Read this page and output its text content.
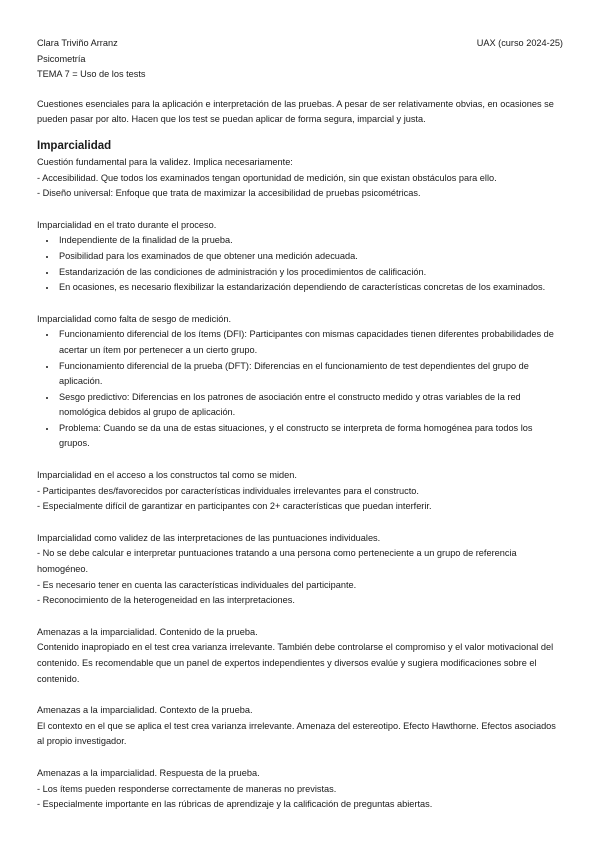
Clara Triviño Arranz	UAX (curso 2024-25)

Psicometría

TEMA 7 = Uso de los tests

Cuestiones esenciales para la aplicación e interpretación de las pruebas. A pesar de ser relativamente obvias, en ocasiones se pueden pasar por alto. Hacen que los test se puedan aplicar de forma segura, imparcial y justa.

Imparcialidad

Cuestión fundamental para la validez. Implica necesariamente:

- Accesibilidad. Que todos los examinados tengan oportunidad de medición, sin que existan obstáculos para ello.

- Diseño universal: Enfoque que trata de maximizar la accesibilidad de pruebas psicométricas.

Imparcialidad en el trato durante el proceso.

• Independiente de la finalidad de la prueba.
• Posibilidad para los examinados de que obtener una medición adecuada.
• Estandarización de las condiciones de administración y los procedimientos de calificación.
• En ocasiones, es necesario flexibilizar la estandarización dependiendo de características concretas de los examinados.

Imparcialidad como falta de sesgo de medición.

• Funcionamiento diferencial de los ítems (DFI): Participantes con mismas capacidades tienen diferentes probabilidades de acertar un ítem por pertenecer a un cierto grupo.
• Funcionamiento diferencial de la prueba (DFT): Diferencias en el funcionamiento de test dependientes del grupo de aplicación.
• Sesgo predictivo: Diferencias en los patrones de asociación entre el constructo medido y otras variables de la red nomológica debidos al grupo de aplicación.
• Problema: Cuando se da una de estas situaciones, y el constructo se interpreta de forma homogénea para todos los grupos.

Imparcialidad en el acceso a los constructos tal como se miden.

- Participantes des/favorecidos por características individuales irrelevantes para el constructo.

- Especialmente difícil de garantizar en participantes con 2+ características que puedan interferir.

Imparcialidad como validez de las interpretaciones de las puntuaciones individuales.

- No se debe calcular e interpretar puntuaciones tratando a una persona como perteneciente a un grupo de referencia homogéneo.

- Es necesario tener en cuenta las características individuales del participante.

- Reconocimiento de la heterogeneidad en las interpretaciones.

Amenazas a la imparcialidad. Contenido de la prueba.

Contenido inapropiado en el test crea varianza irrelevante. También debe controlarse el compromiso y el valor motivacional del contenido. Es recomendable que un panel de expertos independientes y diversos evalúe y sugiera modificaciones sobre el contenido.

Amenazas a la imparcialidad. Contexto de la prueba.

El contexto en el que se aplica el test crea varianza irrelevante. Amenaza del estereotipo. Efecto Hawthorne. Efectos asociados al propio investigador.

Amenazas a la imparcialidad. Respuesta de la prueba.

- Los ítems pueden responderse correctamente de maneras no previstas.

- Especialmente importante en las rúbricas de aprendizaje y la calificación de preguntas abiertas.
